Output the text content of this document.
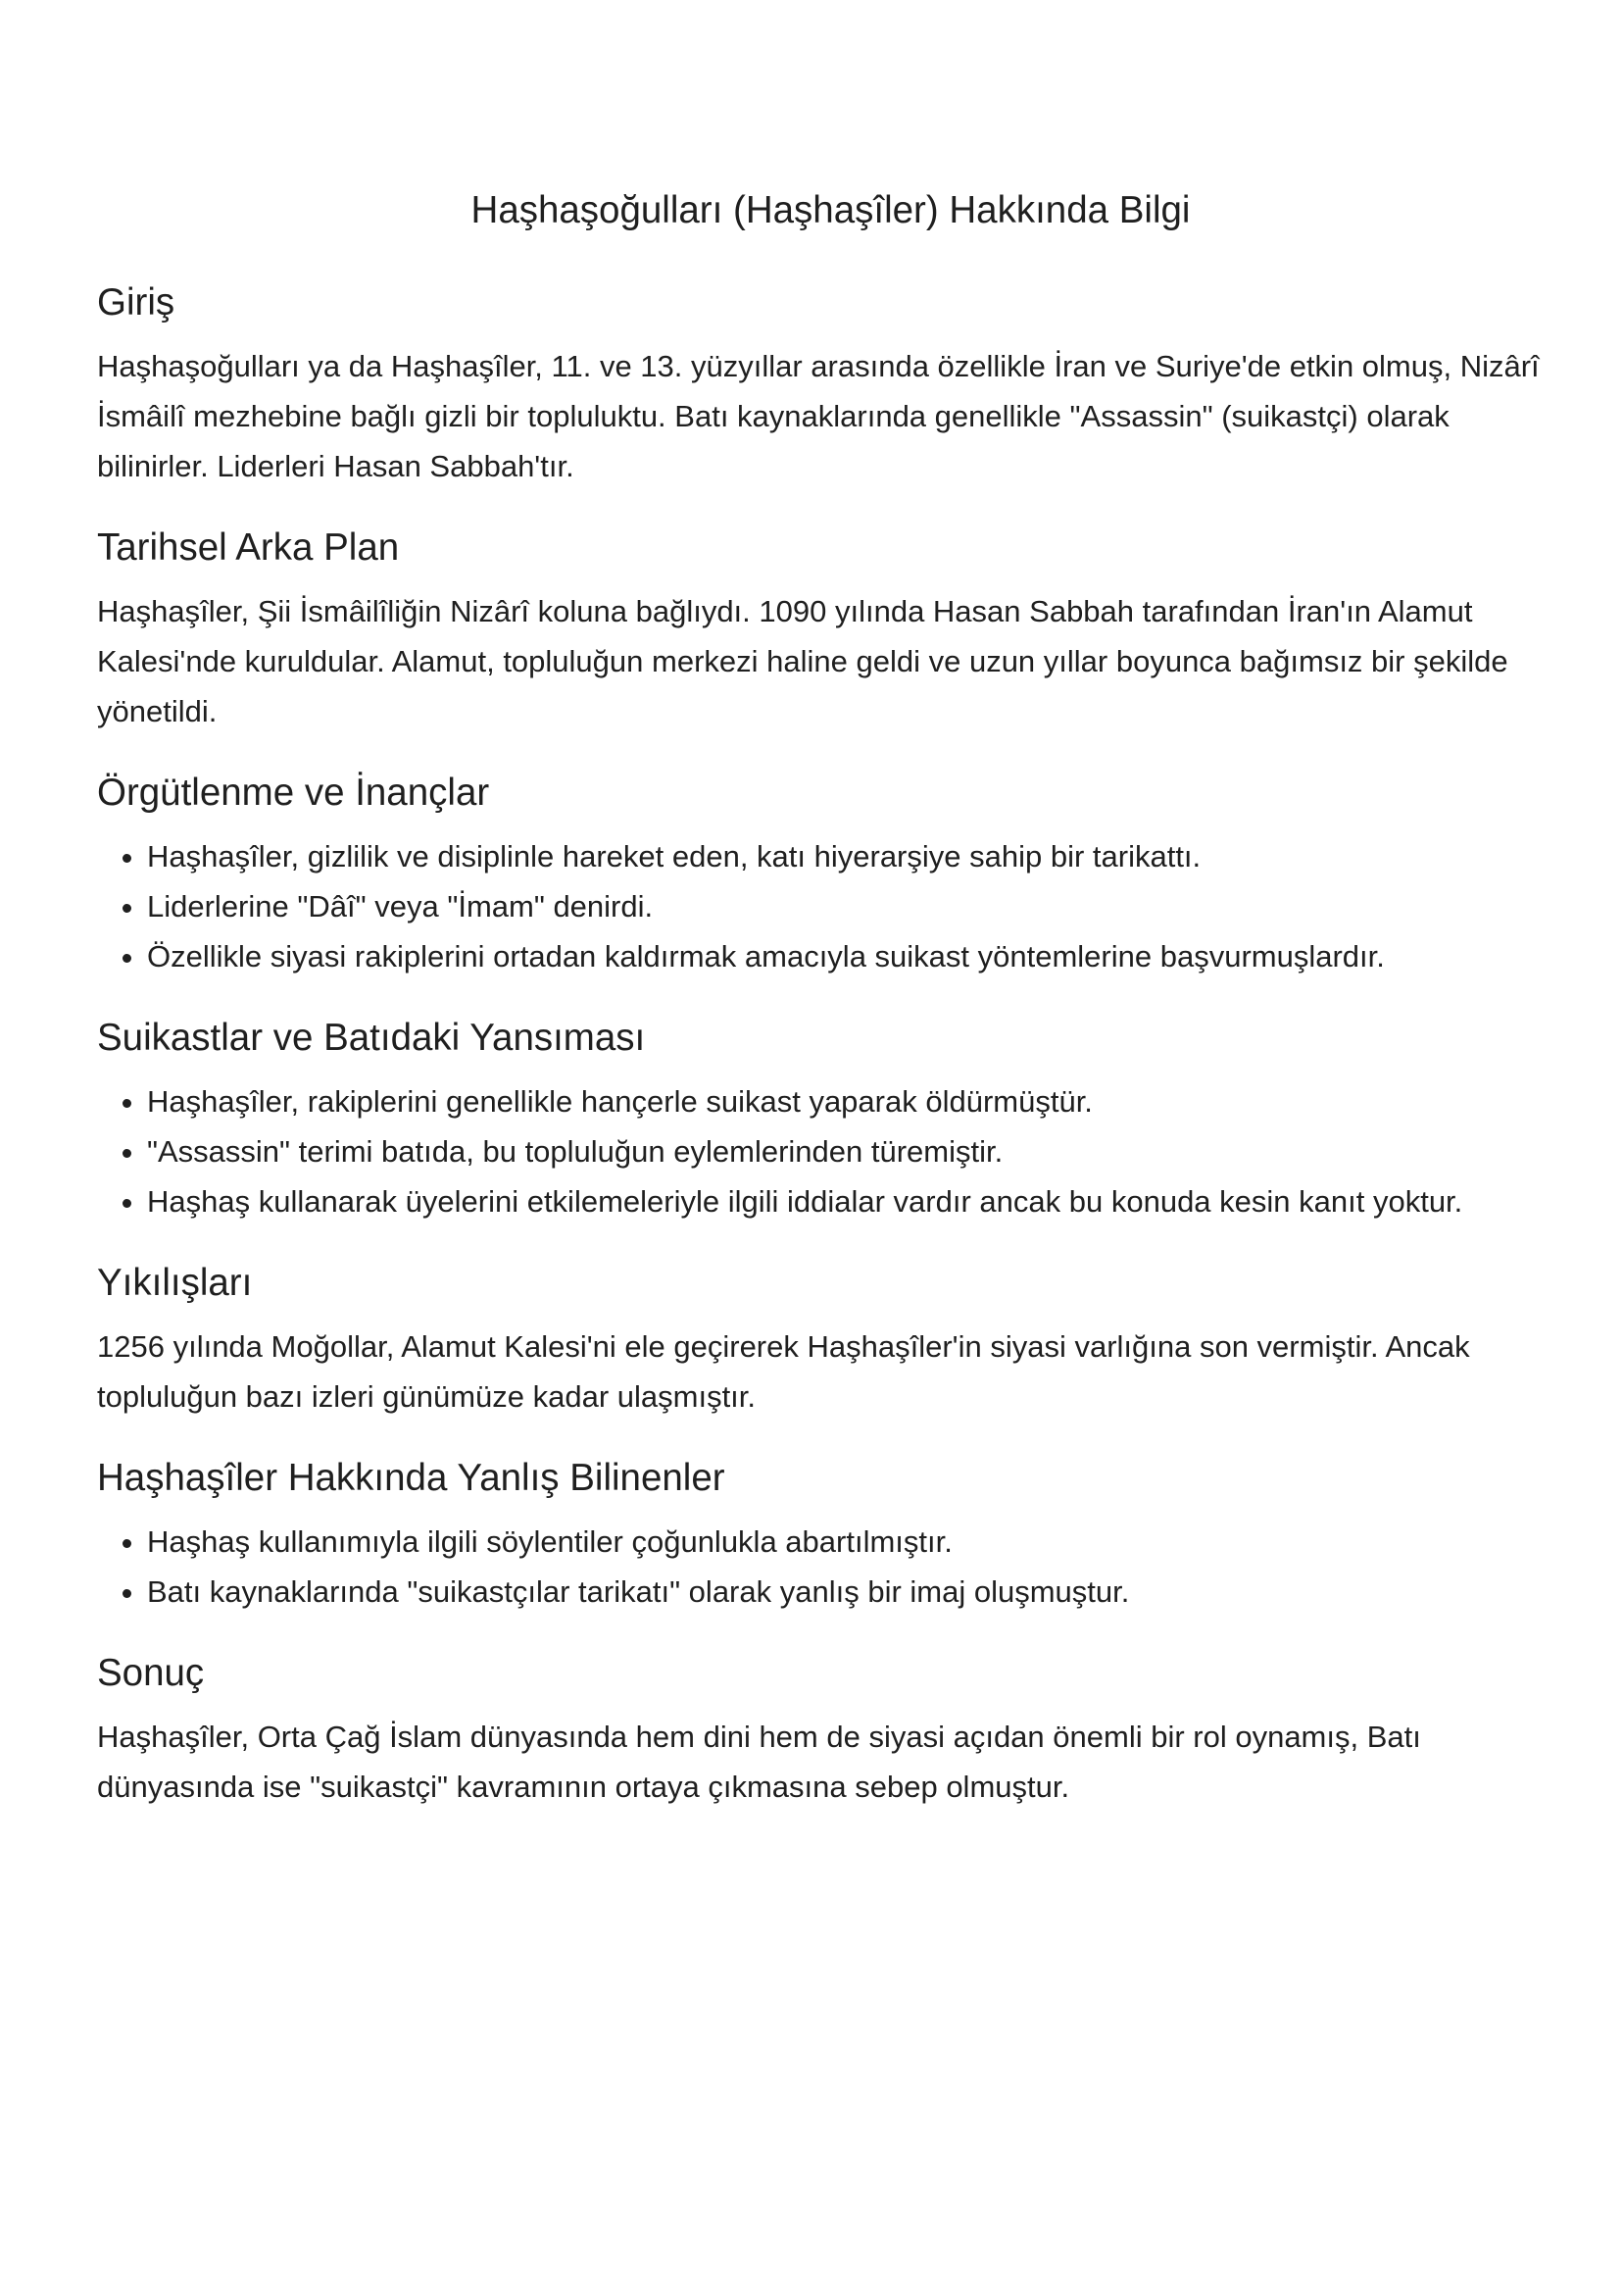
Haşhaşoğulları (Haşhaşîler) Hakkında Bilgi
Giriş

Haşhaşoğulları ya da Haşhaşîler, 11. ve 13. yüzyıllar arasında özellikle İran ve Suriye'de etkin olmuş, Nizârî İsmâilî mezhebine bağlı gizli bir topluluktu. Batı kaynaklarında genellikle "Assassin" (suikastçi) olarak bilinirler. Liderleri Hasan Sabbah'tır.

Tarihsel Arka Plan

Haşhaşîler, Şii İsmâilîliğin Nizârî koluna bağlıydı. 1090 yılında Hasan Sabbah tarafından İran'ın Alamut Kalesi'nde kuruldular. Alamut, topluluğun merkezi haline geldi ve uzun yıllar boyunca bağımsız bir şekilde yönetildi.

Örgütlenme ve İnançlar
• Haşhaşîler, gizlilik ve disiplinle hareket eden, katı hiyerarşiye sahip bir tarikattı.
• Liderlerine "Dâî" veya "İmam" denirdi.
• Özellikle siyasi rakiplerini ortadan kaldırmak amacıyla suikast yöntemlerine başvurmuşlardır.
Suikastlar ve Batıdaki Yansıması
• Haşhaşîler, rakiplerini genellikle hançerle suikast yaparak öldürmüştür.
• "Assassin" terimi batıda, bu topluluğun eylemlerinden türemiştir.
• Haşhaş kullanarak üyelerini etkilemeleriyle ilgili iddialar vardır ancak bu konuda kesin kanıt yoktur.
Yıkılışları

1256 yılında Moğollar, Alamut Kalesi'ni ele geçirerek Haşhaşîler'in siyasi varlığına son vermiştir. Ancak topluluğun bazı izleri günümüze kadar ulaşmıştır.

Haşhaşîler Hakkında Yanlış Bilinenler
• Haşhaş kullanımıyla ilgili söylentiler çoğunlukla abartılmıştır.
• Batı kaynaklarında "suikastçılar tarikatı" olarak yanlış bir imaj oluşmuştur.
Sonuç

Haşhaşîler, Orta Çağ İslam dünyasında hem dini hem de siyasi açıdan önemli bir rol oynamış, Batı dünyasında ise "suikastçi" kavramının ortaya çıkmasına sebep olmuştur.
